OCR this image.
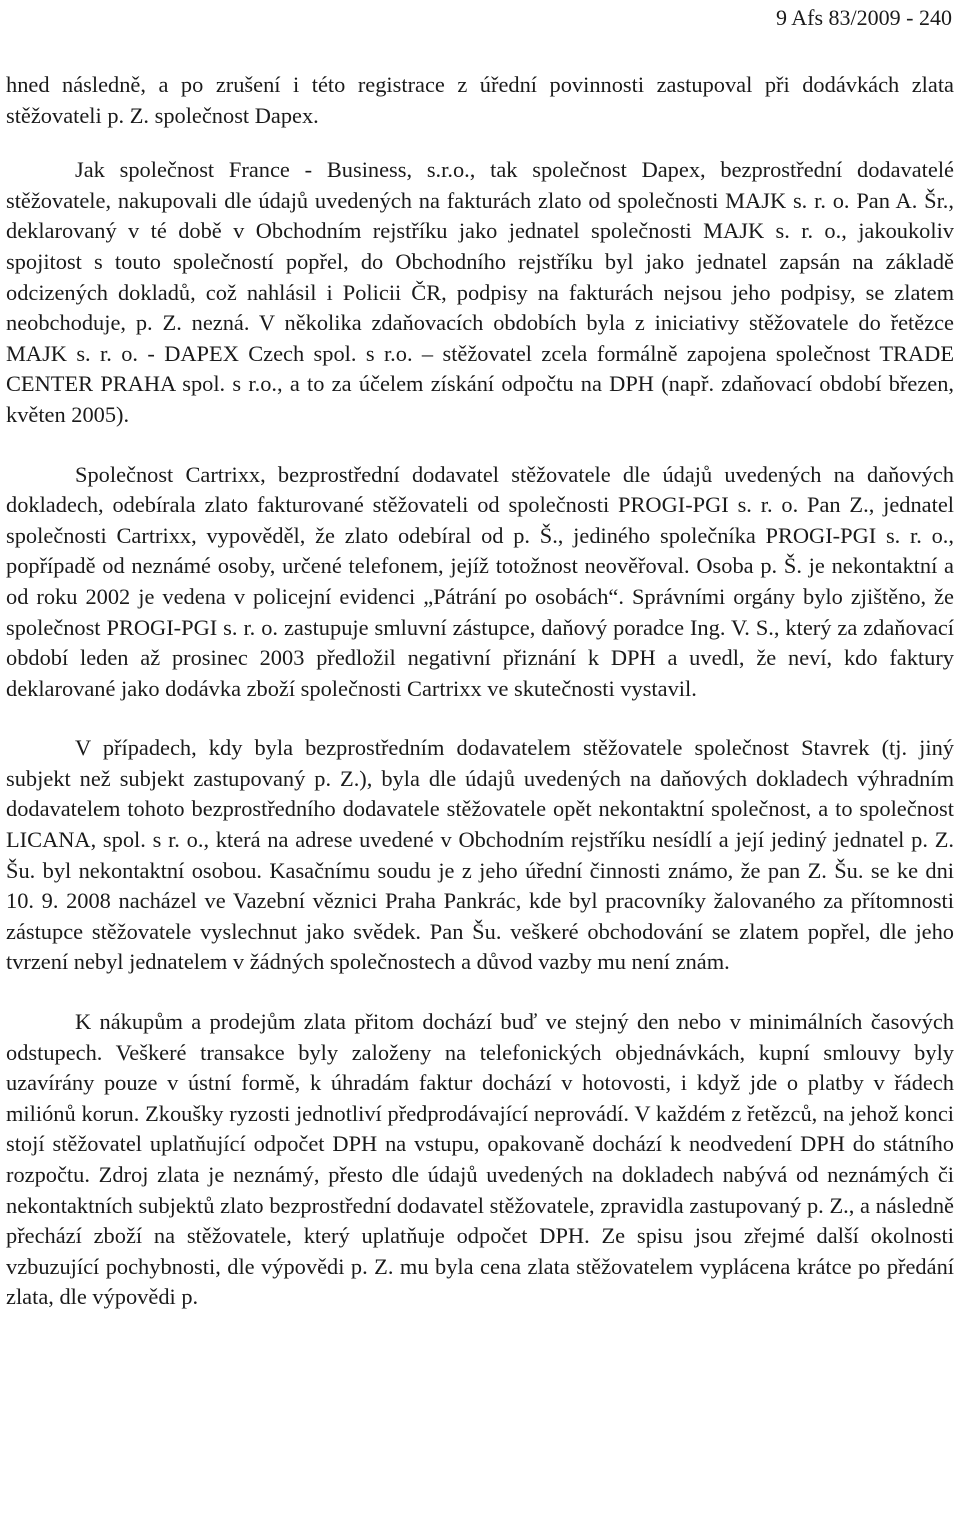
9 Afs 83/2009 - 240

hned následně, a po zrušení i této registrace z úřední povinnosti zastupoval při dodávkách zlata stěžovateli p. Z. společnost Dapex.

Jak společnost France - Business, s.r.o., tak společnost Dapex, bezprostřední dodavatelé stěžovatele, nakupovali dle údajů uvedených na fakturách zlato od společnosti MAJK s. r. o. Pan A. Šr., deklarovaný v té době v Obchodním rejstříku jako jednatel společnosti MAJK s. r. o., jakoukoliv spojitost s touto společností popřel, do Obchodního rejstříku byl jako jednatel zapsán na základě odcizených dokladů, což nahlásil i Policii ČR, podpisy na fakturách nejsou jeho podpisy, se zlatem neobchoduje, p. Z. nezná. V několika zdaňovacích obdobích byla z iniciativy stěžovatele do řetězce MAJK s. r. o. - DAPEX Czech spol. s r.o. – stěžovatel zcela formálně zapojena společnost TRADE CENTER PRAHA spol. s r.o., a to za účelem získání odpočtu na DPH (např. zdaňovací období březen, květen 2005).

Společnost Cartrixx, bezprostřední dodavatel stěžovatele dle údajů uvedených na daňových dokladech, odebírala zlato fakturované stěžovateli od společnosti PROGI-PGI s. r. o. Pan Z., jednatel společnosti Cartrixx, vypověděl, že zlato odebíral od p. Š., jediného společníka PROGI-PGI s. r. o., popřípadě od neznámé osoby, určené telefonem, jejíž totožnost neověřoval. Osoba p. Š. je nekontaktní a od roku 2002 je vedena v policejní evidenci „Pátrání po osobách“. Správními orgány bylo zjištěno, že společnost PROGI-PGI s. r. o. zastupuje smluvní zástupce, daňový poradce Ing. V. S., který za zdaňovací období leden až prosinec 2003 předložil negativní přiznání k DPH a uvedl, že neví, kdo faktury deklarované jako dodávka zboží společnosti Cartrixx ve skutečnosti vystavil.

V případech, kdy byla bezprostředním dodavatelem stěžovatele společnost Stavrek (tj. jiný subjekt než subjekt zastupovaný p. Z.), byla dle údajů uvedených na daňových dokladech výhradním dodavatelem tohoto bezprostředního dodavatele stěžovatele opět nekontaktní společnost, a to společnost LICANA, spol. s r. o., která na adrese uvedené v Obchodním rejstříku nesídlí a její jediný jednatel p. Z. Šu. byl nekontaktní osobou. Kasačnímu soudu je z jeho úřední činnosti známo, že pan Z. Šu. se ke dni 10. 9. 2008 nacházel ve Vazební věznici Praha Pankrác, kde byl pracovníky žalovaného za přítomnosti zástupce stěžovatele vyslechnut jako svědek. Pan Šu. veškeré obchodování se zlatem popřel, dle jeho tvrzení nebyl jednatelem v žádných společnostech a důvod vazby mu není znám.

K nákupům a prodejům zlata přitom dochází buď ve stejný den nebo v minimálních časových odstupech. Veškeré transakce byly založeny na telefonických objednávkách, kupní smlouvy byly uzavírány pouze v ústní formě, k úhradám faktur dochází v hotovosti, i když jde o platby v řádech miliónů korun. Zkoušky ryzosti jednotliví předprodávající neprovádí. V každém z řetězců, na jehož konci stojí stěžovatel uplatňující odpočet DPH na vstupu, opakovaně dochází k neodvedení DPH do státního rozpočtu. Zdroj zlata je neznámý, přesto dle údajů uvedených na dokladech nabývá od neznámých či nekontaktních subjektů zlato bezprostřední dodavatel stěžovatele, zpravidla zastupovaný p. Z., a následně přechází zboží na stěžovatele, který uplatňuje odpočet DPH. Ze spisu jsou zřejmé další okolnosti vzbuzující pochybnosti, dle výpovědi p. Z. mu byla cena zlata stěžovatelem vyplácena krátce po předání zlata, dle výpovědi p.
